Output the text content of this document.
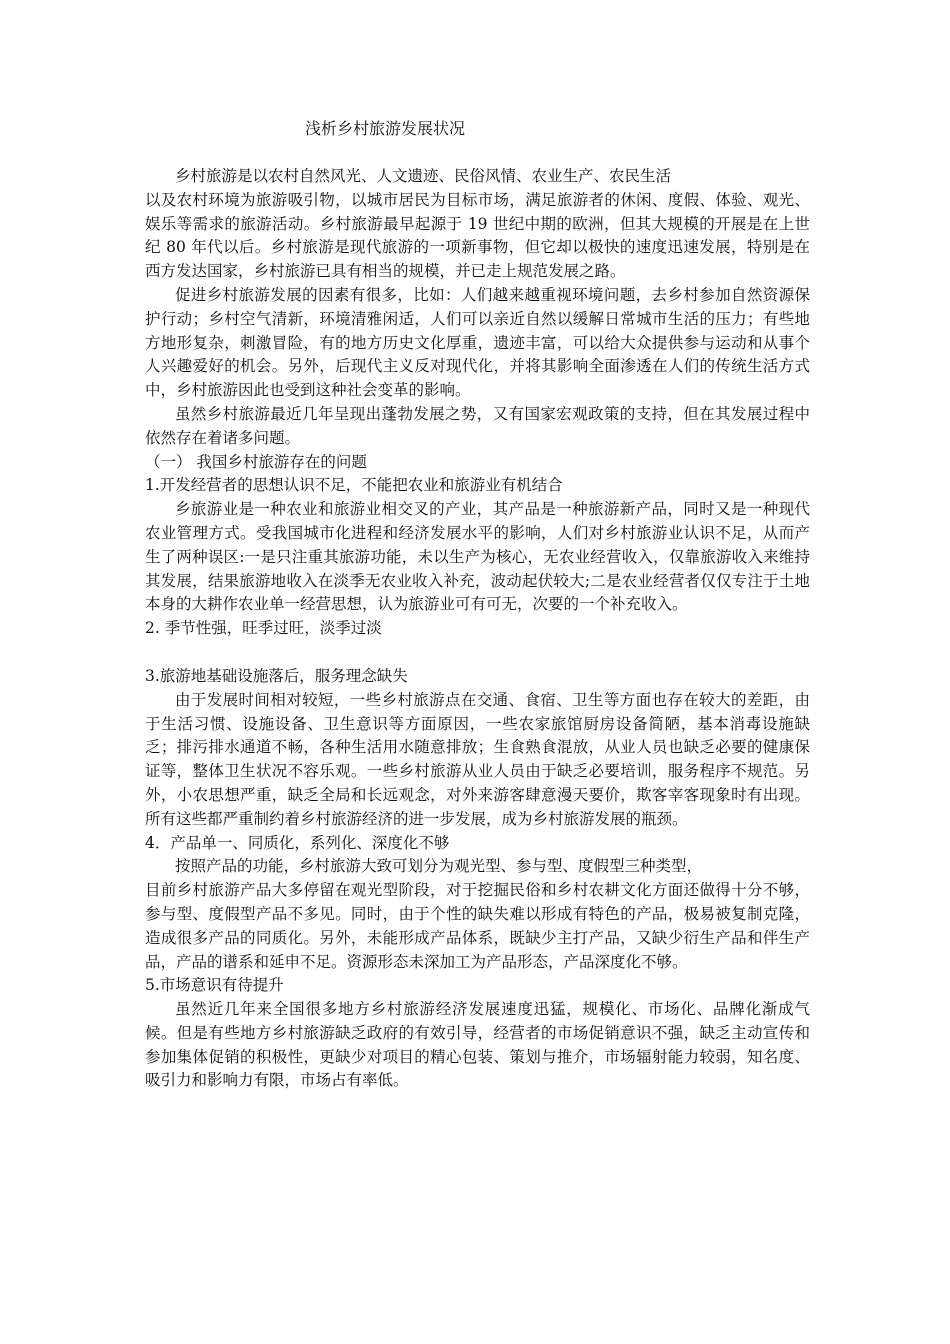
浅析乡村旅游发展状况

乡村旅游是以农村自然风光、人文遗迹、民俗风情、农业生产、农民生活

以及农村环境为旅游吸引物，以城市居民为目标市场，满足旅游者的休闲、度假、体验、观光、娱乐等需求的旅游活动。乡村旅游最早起源于 19 世纪中期的欧洲，但其大规模的开展是在上世纪 80 年代以后。乡村旅游是现代旅游的一项新事物，但它却以极快的速度迅速发展，特别是在西方发达国家，乡村旅游已具有相当的规模，并已走上规范发展之路。

促进乡村旅游发展的因素有很多，比如：人们越来越重视环境问题，去乡村参加自然资源保护行动；乡村空气清新，环境清雅闲适，人们可以亲近自然以缓解日常城市生活的压力；有些地方地形复杂，刺激冒险，有的地方历史文化厚重，遗迹丰富，可以给大众提供参与运动和从事个人兴趣爱好的机会。另外，后现代主义反对现代化，并将其影响全面渗透在人们的传统生活方式中，乡村旅游因此也受到这种社会变革的影响。

虽然乡村旅游最近几年呈现出蓬勃发展之势，又有国家宏观政策的支持，但在其发展过程中依然存在着诸多问题。

（一） 我国乡村旅游存在的问题

1.开发经营者的思想认识不足，不能把农业和旅游业有机结合

乡旅游业是一种农业和旅游业相交叉的产业，其产品是一种旅游新产品，同时又是一种现代农业管理方式。受我国城市化进程和经济发展水平的影响，人们对乡村旅游业认识不足，从而产生了两种误区:一是只注重其旅游功能，未以生产为核心，无农业经营收入，仅靠旅游收入来维持其发展，结果旅游地收入在淡季无农业收入补充，波动起伏较大;二是农业经营者仅仅专注于土地本身的大耕作农业单一经营思想，认为旅游业可有可无，次要的一个补充收入。

2. 季节性强，旺季过旺，淡季过淡

3.旅游地基础设施落后，服务理念缺失

由于发展时间相对较短，一些乡村旅游点在交通、食宿、卫生等方面也存在较大的差距，由于生活习惯、设施设备、卫生意识等方面原因，一些农家旅馆厨房设备简陋，基本消毒设施缺乏；排污排水通道不畅，各种生活用水随意排放；生食熟食混放，从业人员也缺乏必要的健康保证等，整体卫生状况不容乐观。一些乡村旅游从业人员由于缺乏必要培训，服务程序不规范。另外，小农思想严重，缺乏全局和长远观念，对外来游客肆意漫天要价，欺客宰客现象时有出现。所有这些都严重制约着乡村旅游经济的进一步发展，成为乡村旅游发展的瓶颈。

4．产品单一、同质化，系列化、深度化不够

按照产品的功能，乡村旅游大致可划分为观光型、参与型、度假型三种类型，

目前乡村旅游产品大多停留在观光型阶段，对于挖掘民俗和乡村农耕文化方面还做得十分不够，参与型、度假型产品不多见。同时，由于个性的缺失难以形成有特色的产品，极易被复制克隆，造成很多产品的同质化。另外，未能形成产品体系，既缺少主打产品，又缺少衍生产品和伴生产品，产品的谱系和延申不足。资源形态未深加工为产品形态，产品深度化不够。

5.市场意识有待提升

虽然近几年来全国很多地方乡村旅游经济发展速度迅猛，规模化、市场化、品牌化渐成气候。但是有些地方乡村旅游缺乏政府的有效引导，经营者的市场促销意识不强，缺乏主动宣传和参加集体促销的积极性，更缺少对项目的精心包装、策划与推介，市场辐射能力较弱，知名度、吸引力和影响力有限，市场占有率低。
